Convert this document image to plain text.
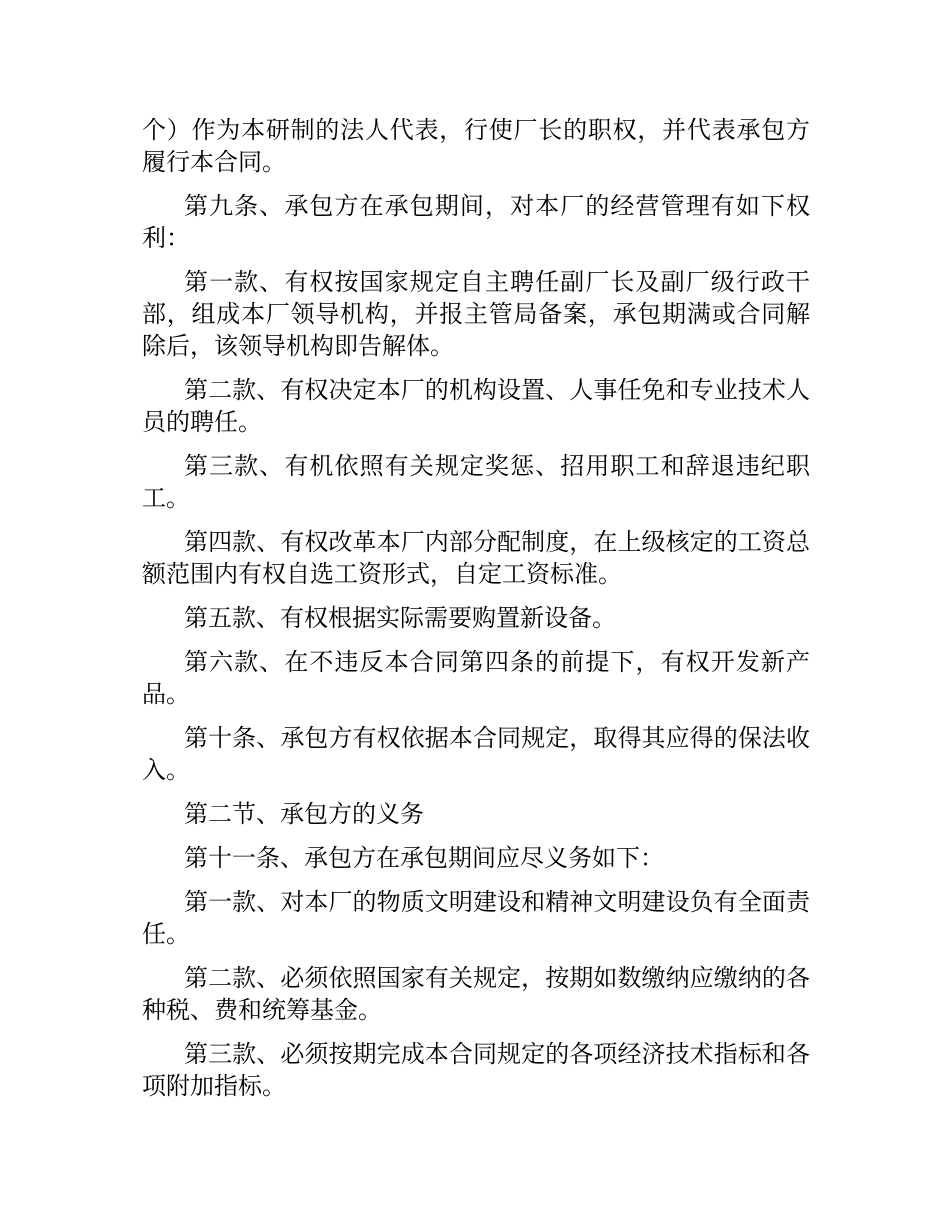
个）作为本研制的法人代表，行使厂长的职权，并代表承包方履行本合同。

第九条、承包方在承包期间，对本厂的经营管理有如下权利：

第一款、有权按国家规定自主聘任副厂长及副厂级行政干部，组成本厂领导机构，并报主管局备案，承包期满或合同解除后，该领导机构即告解体。

第二款、有权决定本厂的机构设置、人事任免和专业技术人员的聘任。

第三款、有机依照有关规定奖惩、招用职工和辞退违纪职工。

第四款、有权改革本厂内部分配制度，在上级核定的工资总额范围内有权自选工资形式，自定工资标准。

第五款、有权根据实际需要购置新设备。

第六款、在不违反本合同第四条的前提下，有权开发新产品。

第十条、承包方有权依据本合同规定，取得其应得的保法收入。

第二节、承包方的义务

第十一条、承包方在承包期间应尽义务如下：

第一款、对本厂的物质文明建设和精神文明建设负有全面责任。

第二款、必须依照国家有关规定，按期如数缴纳应缴纳的各种税、费和统筹基金。

第三款、必须按期完成本合同规定的各项经济技术指标和各项附加指标。
